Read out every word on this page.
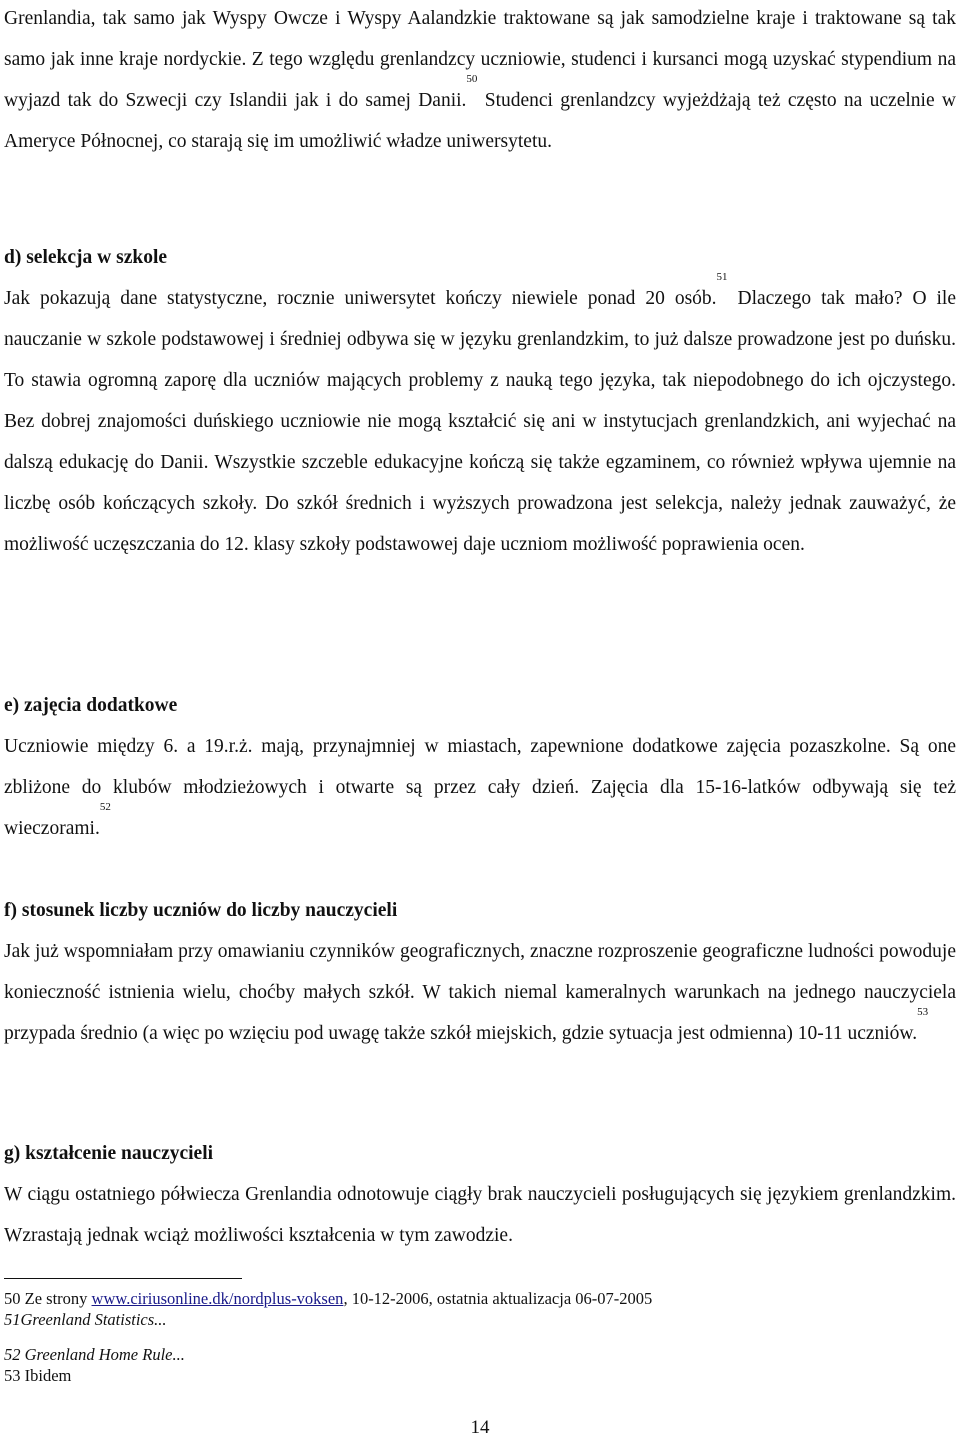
Grenlandia, tak samo jak Wyspy Owcze i Wyspy Aalandzkie traktowane są jak samodzielne kraje i traktowane są tak samo jak inne kraje nordyckie. Z tego względu grenlandzcy uczniowie, studenci i kursanci mogą uzyskać stypendium na wyjazd tak do Szwecji czy Islandii jak i do samej Danii.$^{50}$ Studenci grenlandzcy wyjeżdżają też często na uczelnie w Ameryce Północnej, co starają się im umożliwić władze uniwersytetu.

d) selekcja w szkole

Jak pokazują dane statystyczne, rocznie uniwersytet kończy niewiele ponad 20 osób.$^{51}$ Dlaczego tak mało? O ile nauczanie w szkole podstawowej i średniej odbywa się w języku grenlandzkim, to już dalsze prowadzone jest po duńsku. To stawia ogromną zaporę dla uczniów mających problemy z nauką tego języka, tak niepodobnego do ich ojczystego. Bez dobrej znajomości duńskiego uczniowie nie mogą kształcić się ani w instytucjach grenlandzkich, ani wyjechać na dalszą edukację do Danii. Wszystkie szczeble edukacyjne kończą się także egzaminem, co również wpływa ujemnie na liczbę osób kończących szkoły. Do szkół średnich i wyższych prowadzona jest selekcja, należy jednak zauważyć, że możliwość uczęszczania do 12. klasy szkoły podstawowej daje uczniom możliwość poprawienia ocen.

e) zajęcia dodatkowe

Uczniowie między 6. a 19.r.ż. mają, przynajmniej w miastach, zapewnione dodatkowe zajęcia pozaszkolne. Są one zbliżone do klubów młodzieżowych i otwarte są przez cały dzień. Zajęcia dla 15-16-latków odbywają się też wieczorami.$^{52}$

f) stosunek liczby uczniów do liczby nauczycieli

Jak już wspomniałam przy omawianiu czynników geograficznych, znaczne rozproszenie geograficzne ludności powoduje konieczność istnienia wielu, choćby małych szkół. W takich niemal kameralnych warunkach na jednego nauczyciela przypada średnio (a więc po wzięciu pod uwagę także szkół miejskich, gdzie sytuacja jest odmienna) 10-11 uczniów.$^{53}$

g) kształcenie nauczycieli

W ciągu ostatniego półwiecza Grenlandia odnotowuje ciągły brak nauczycieli posługujących się językiem grenlandzkim. Wzrastają jednak wciąż możliwości kształcenia w tym zawodzie.

50 Ze strony www.ciriusonline.dk/nordplus-voksen, 10-12-2006, ostatnia aktualizacja 06-07-2005
51Greenland Statistics...
52 Greenland Home Rule...
53 Ibidem
14
